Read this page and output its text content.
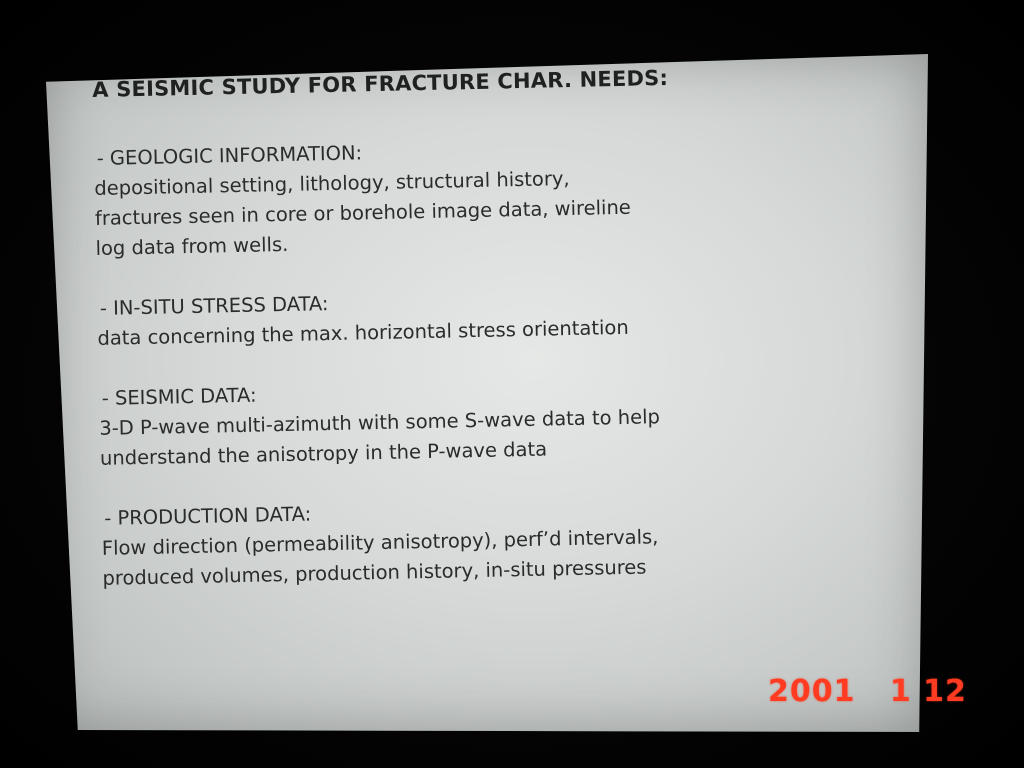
A SEISMIC STUDY FOR FRACTURE CHAR. NEEDS:
- GEOLOGIC INFORMATION:
depositional setting, lithology, structural history,
fractures seen in core or borehole image data, wireline
log data from wells.
- IN-SITU STRESS DATA:
data concerning the max. horizontal stress orientation
- SEISMIC DATA:
3-D P-wave multi-azimuth with some S-wave data to help
understand the anisotropy in the P-wave data
- PRODUCTION DATA:
Flow direction (permeability anisotropy), perf’d intervals,
produced volumes, production history, in-situ pressures
2001   1 12
